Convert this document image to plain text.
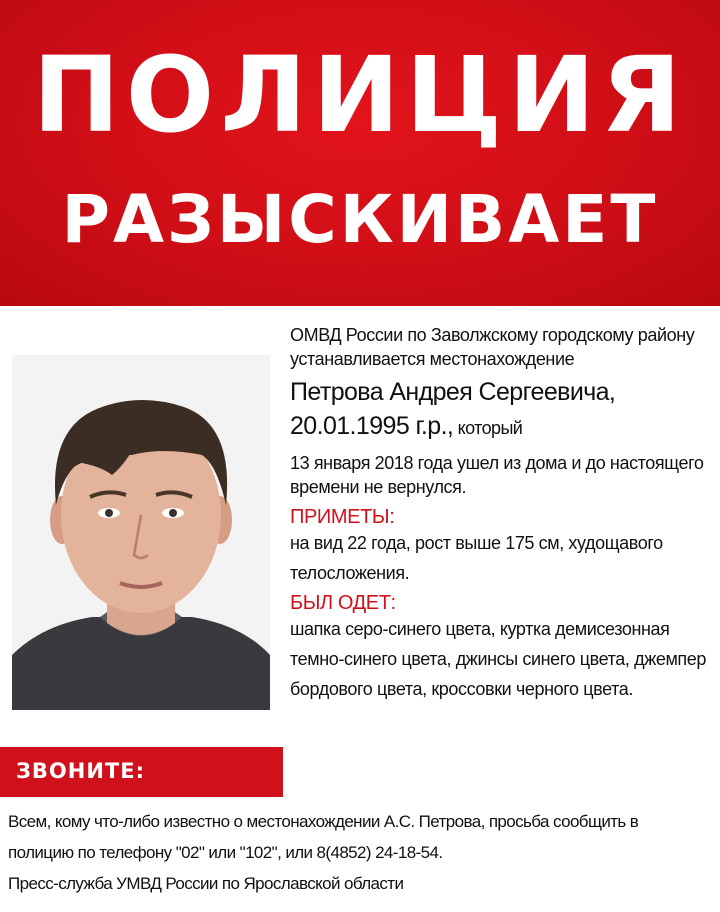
ПОЛИЦИЯ
РАЗЫСКИВАЕТ
ОМВД России по Заволжскому городскому району
устанавливается местонахождение
Петрова Андрея Сергеевича,
20.01.1995 г.р., который
13 января 2018 года ушел из дома и до настоящего
времени не вернулся.
ПРИМЕТЫ:
на вид 22 года, рост выше 175 см, худощавого
телосложения.
БЫЛ ОДЕТ:
шапка серо-синего цвета, куртка демисезонная
темно-синего цвета, джинсы синего цвета, джемпер
бордового цвета, кроссовки черного цвета.
ЗВОНИТЕ:
Всем, кому что-либо известно о местонахождении А.С. Петрова, просьба сообщить в
полицию по телефону "02" или "102", или 8(4852) 24-18-54.
Пресс-служба УМВД России по Ярославской области
